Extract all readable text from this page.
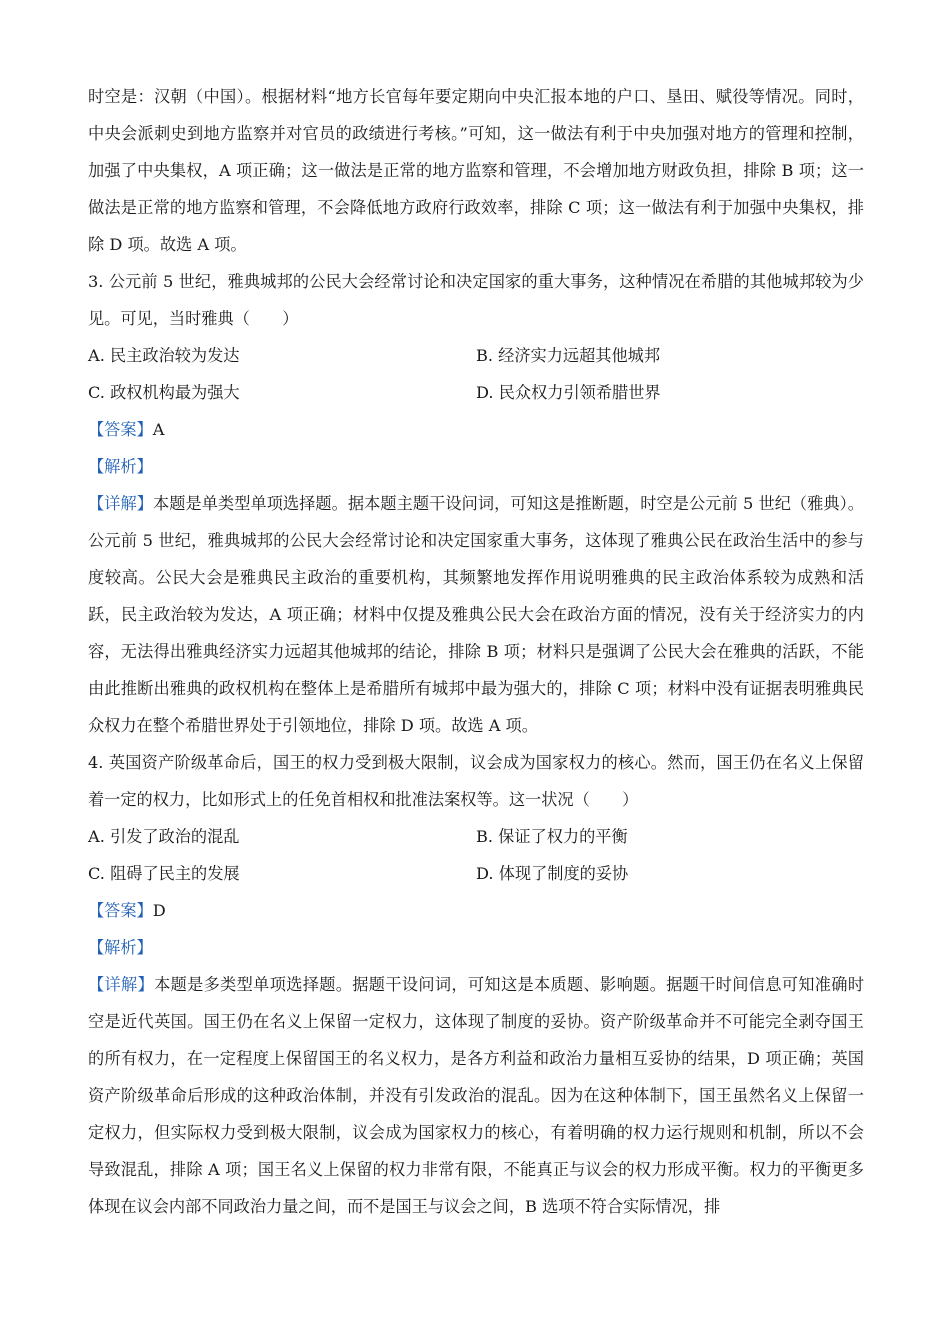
时空是：汉朝（中国）。根据材料“地方长官每年要定期向中央汇报本地的户口、垦田、赋役等情况。同时，中央会派刺史到地方监察并对官员的政绩进行考核。”可知，这一做法有利于中央加强对地方的管理和控制，加强了中央集权，A 项正确；这一做法是正常的地方监察和管理，不会增加地方财政负担，排除 B 项；这一做法是正常的地方监察和管理，不会降低地方政府行政效率，排除 C 项；这一做法有利于加强中央集权，排除 D 项。故选 A 项。

3. 公元前 5 世纪，雅典城邦的公民大会经常讨论和决定国家的重大事务，这种情况在希腊的其他城邦较为少见。可见，当时雅典（　　）

A. 民主政治较为发达	B. 经济实力远超其他城邦
C. 政权机构最为强大	D. 民众权力引领希腊世界

【答案】A

【解析】

【详解】本题是单类型单项选择题。据本题主题干设问词，可知这是推断题，时空是公元前 5 世纪（雅典）。公元前 5 世纪，雅典城邦的公民大会经常讨论和决定国家重大事务，这体现了雅典公民在政治生活中的参与度较高。公民大会是雅典民主政治的重要机构，其频繁地发挥作用说明雅典的民主政治体系较为成熟和活跃，民主政治较为发达，A 项正确；材料中仅提及雅典公民大会在政治方面的情况，没有关于经济实力的内容，无法得出雅典经济实力远超其他城邦的结论，排除 B 项；材料只是强调了公民大会在雅典的活跃，不能由此推断出雅典的政权机构在整体上是希腊所有城邦中最为强大的，排除 C 项；材料中没有证据表明雅典民众权力在整个希腊世界处于引领地位，排除 D 项。故选 A 项。

4. 英国资产阶级革命后，国王的权力受到极大限制，议会成为国家权力的核心。然而，国王仍在名义上保留着一定的权力，比如形式上的任免首相权和批准法案权等。这一状况（　　）

A. 引发了政治的混乱	B. 保证了权力的平衡
C. 阻碍了民主的发展	D. 体现了制度的妥协

【答案】D

【解析】

【详解】本题是多类型单项选择题。据题干设问词，可知这是本质题、影响题。据题干时间信息可知准确时空是近代英国。国王仍在名义上保留一定权力，这体现了制度的妥协。资产阶级革命并不可能完全剥夺国王的所有权力，在一定程度上保留国王的名义权力，是各方利益和政治力量相互妥协的结果，D 项正确；英国资产阶级革命后形成的这种政治体制，并没有引发政治的混乱。因为在这种体制下，国王虽然名义上保留一定权力，但实际权力受到极大限制，议会成为国家权力的核心，有着明确的权力运行规则和机制，所以不会导致混乱，排除 A 项；国王名义上保留的权力非常有限，不能真正与议会的权力形成平衡。权力的平衡更多体现在议会内部不同政治力量之间，而不是国王与议会之间，B 选项不符合实际情况，排
